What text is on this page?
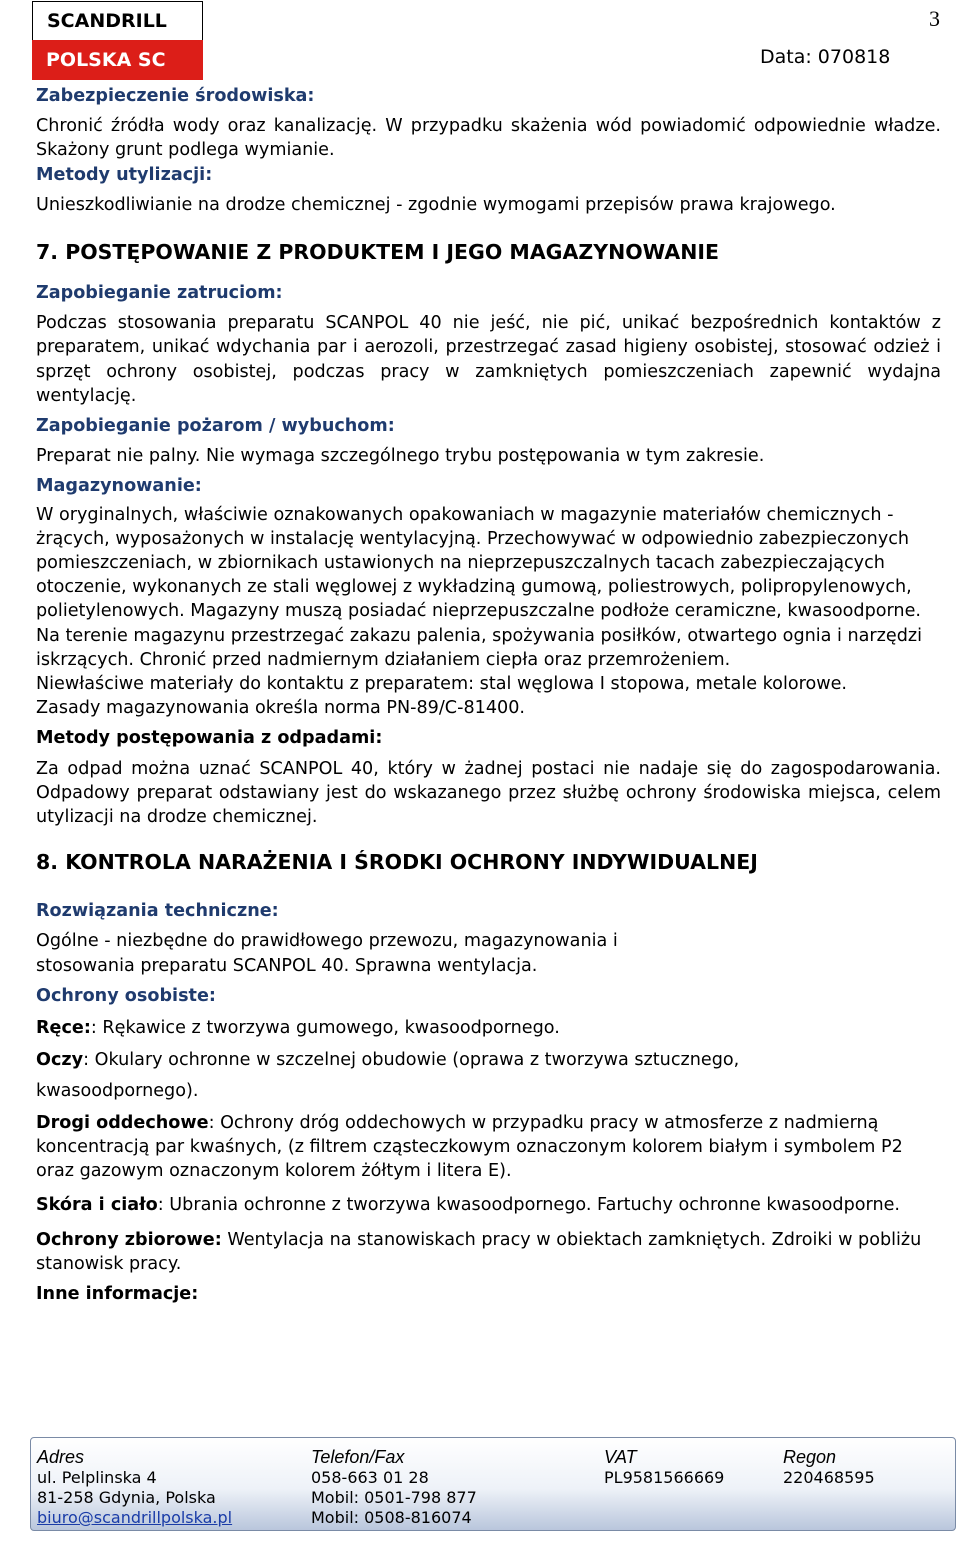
SCANDRILL
POLSKA SC
3
Data: 070818

Zabezpieczenie środowiska:

Chronić źródła wody oraz kanalizację. W przypadku skażenia wód powiadomić odpowiednie władze. Skażony grunt podlega wymianie.

Metody utylizacji:

Unieszkodliwianie na drodze chemicznej - zgodnie wymogami przepisów prawa krajowego.

7. POSTĘPOWANIE Z PRODUKTEM I JEGO MAGAZYNOWANIE

Zapobieganie zatruciom:

Podczas stosowania preparatu SCANPOL 40 nie jeść, nie pić, unikać bezpośrednich kontaktów z preparatem, unikać wdychania par i aerozoli, przestrzegać zasad higieny osobistej, stosować odzież i sprzęt ochrony osobistej, podczas pracy w zamkniętych pomieszczeniach zapewnić wydajna wentylację.

Zapobieganie pożarom / wybuchom:

Preparat nie palny. Nie wymaga szczególnego trybu postępowania w tym zakresie.

Magazynowanie:

W oryginalnych, właściwie oznakowanych opakowaniach w magazynie materiałów chemicznych - żrących, wyposażonych w instalację wentylacyjną. Przechowywać w odpowiednio zabezpieczonych pomieszczeniach, w zbiornikach ustawionych na nieprzepuszczalnych tacach zabezpieczających otoczenie, wykonanych ze stali węglowej z wykładziną gumową, poliestrowych, polipropylenowych, polietylenowych. Magazyny muszą posiadać nieprzepuszczalne podłoże ceramiczne, kwasoodporne. Na terenie magazynu przestrzegać zakazu palenia, spożywania posiłków, otwartego ognia i narzędzi iskrzących. Chronić przed nadmiernym działaniem ciepła oraz przemrożeniem.

Niewłaściwe materiały do kontaktu z preparatem: stal węglowa I stopowa, metale kolorowe.

Zasady magazynowania określa norma PN-89/C-81400.

Metody postępowania z odpadami:

Za odpad można uznać SCANPOL 40, który w żadnej postaci nie nadaje się do zagospodarowania. Odpadowy preparat odstawiany jest do wskazanego przez służbę ochrony środowiska miejsca, celem utylizacji na drodze chemicznej.

8. KONTROLA NARAŻENIA I ŚRODKI OCHRONY INDYWIDUALNEJ

Rozwiązania techniczne:

Ogólne - niezbędne do prawidłowego przewozu, magazynowania i

stosowania preparatu SCANPOL 40. Sprawna wentylacja.

Ochrony osobiste:

Ręce:: Rękawice z tworzywa gumowego, kwasoodpornego.

Oczy: Okulary ochronne w szczelnej obudowie (oprawa z tworzywa sztucznego,

kwasoodpornego).

Drogi oddechowe: Ochrony dróg oddechowych w przypadku pracy w atmosferze z nadmierną koncentracją par kwaśnych, (z filtrem cząsteczkowym oznaczonym kolorem białym i symbolem P2 oraz gazowym oznaczonym kolorem żółtym i litera E).

Skóra i ciało: Ubrania ochronne z tworzywa kwasoodpornego. Fartuchy ochronne kwasoodporne.

Ochrony zbiorowe: Wentylacja na stanowiskach pracy w obiektach zamkniętych. Zdroiki w pobliżu stanowisk pracy.

Inne informacje:

Adres
ul. Pelplinska 4
81-258 Gdynia, Polska
biuro@scandrillpolska.pl
Telefon/Fax
058-663 01 28
Mobil: 0501-798 877
Mobil: 0508-816074
VAT
PL9581566669
Regon
220468595
